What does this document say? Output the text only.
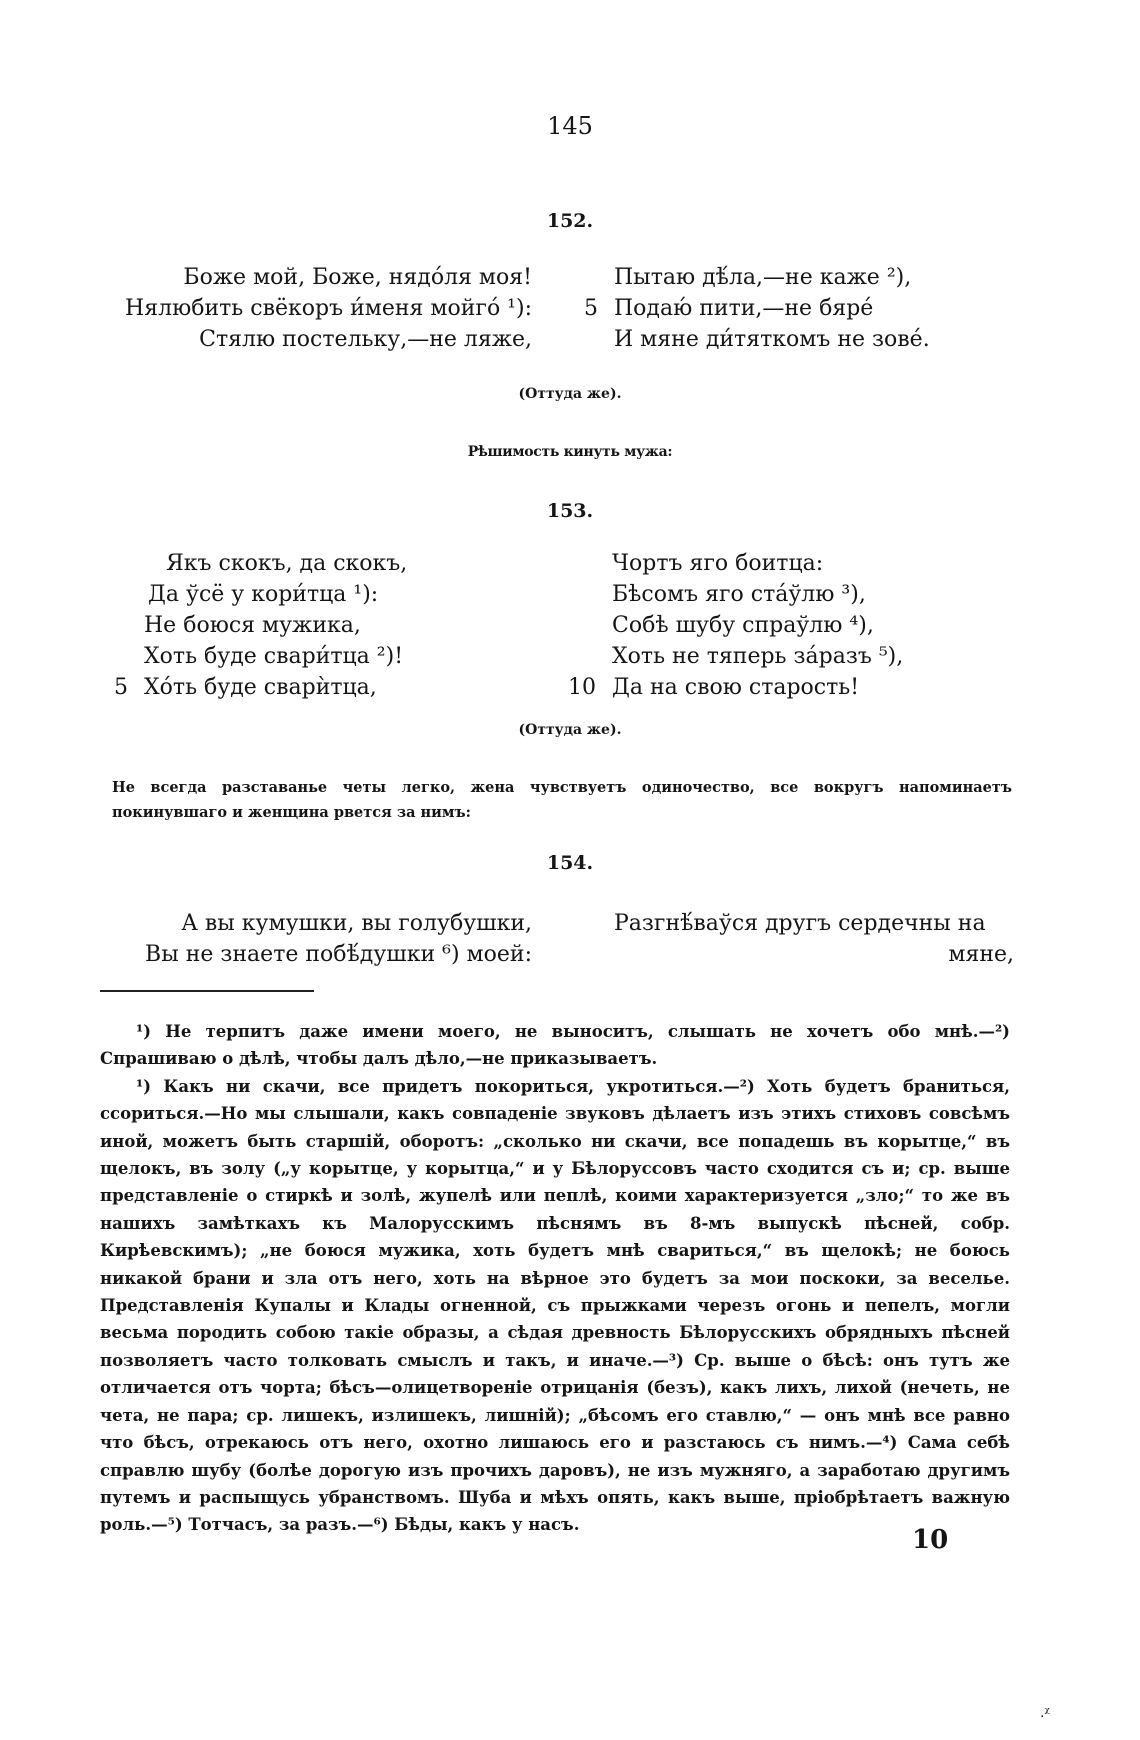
145
152.
Боже мой, Боже, нядо́ля моя!
Нялюбить свёкоръ и́меня мойго́ ¹):
Стялю постельку,—не ляже,
Пытаю дѣ́ла,—не каже ²),
5 Подаю́ пити,—не бяре́
И мяне ди́тяткомъ не зове́.
(Оттуда же).
Рѣшимость кинуть мужа:
153.
Якъ скокъ, да скокъ,
Да ўсё у кори́тца ¹):
Не боюся мужика,
Хоть буде свари́тца ²)!
5 Хо́ть буде сварѝтца,
Чортъ яго боитца:
Бѣсомъ яго ста́ўлю ³),
Собѣ шубу спраўлю ⁴),
Хоть не тяперь за́разъ ⁵),
10 Да на свою старость!
(Оттуда же).
Не всегда разставанье четы легко, жена чувствуетъ одиночество, все вокругъ напоминаетъ покинувшаго и женщина рвется за нимъ:
154.
А вы кумушки, вы голубушки,
Вы не знаете побѣ́душки ⁶) моей:
Разгнѣ́ваўся другъ сердечны на
мяне,

¹) Не терпитъ даже имени моего, не выноситъ, слышать не хочетъ обо мнѣ.—²) Спрашиваю о дѣлѣ, чтобы далъ дѣло,—не приказываетъ.

¹) Какъ ни скачи, все придетъ покориться, укротиться.—²) Хоть будетъ браниться, ссориться.—Но мы слышали, какъ совпаденіе звуковъ дѣлаетъ изъ этихъ стиховъ совсѣмъ иной, можетъ быть старшій, оборотъ: „сколько ни скачи, все попадешь въ корытце,“ въ щелокъ, въ золу („у корытце, у корытца,“ и у Бѣлоруссовъ часто сходится съ и; ср. выше представленіе о стиркѣ и золѣ, жупелѣ или пеплѣ, коими характеризуется „зло;“ то же въ нашихъ замѣткахъ къ Малорусскимъ пѣснямъ въ 8-мъ выпускѣ пѣсней, собр. Кирѣевскимъ); „не боюся мужика, хоть будетъ мнѣ свариться,“ въ щелокѣ; не боюсь никакой брани и зла отъ него, хоть на вѣрное это будетъ за мои поскоки, за веселье. Представленія Купалы и Клады огненной, съ прыжками черезъ огонь и пепелъ, могли весьма породить собою такіе образы, а сѣдая древность Бѣлорусскихъ обрядныхъ пѣсней позволяетъ часто толковать смыслъ и такъ, и иначе.—³) Ср. выше о бѣсѣ: онъ тутъ же отличается отъ чорта; бѣсъ—олицетвореніе отрицанія (безъ), какъ лихъ, лихой (нечеть, не чета, не пара; ср. лишекъ, излишекъ, лишній); „бѣсомъ его ставлю,“ — онъ мнѣ все равно что бѣсъ, отрекаюсь отъ него, охотно лишаюсь его и разстаюсь съ нимъ.—⁴) Сама себѣ справлю шубу (болѣе дорогую изъ прочихъ даровъ), не изъ мужняго, а заработаю другимъ путемъ и распыщусь убранствомъ. Шуба и мѣхъ опять, какъ выше, пріобрѣтаетъ важную роль.—⁵) Тотчасъ, за разъ.—⁶) Бѣды, какъ у насъ.

10
.ᵡ
